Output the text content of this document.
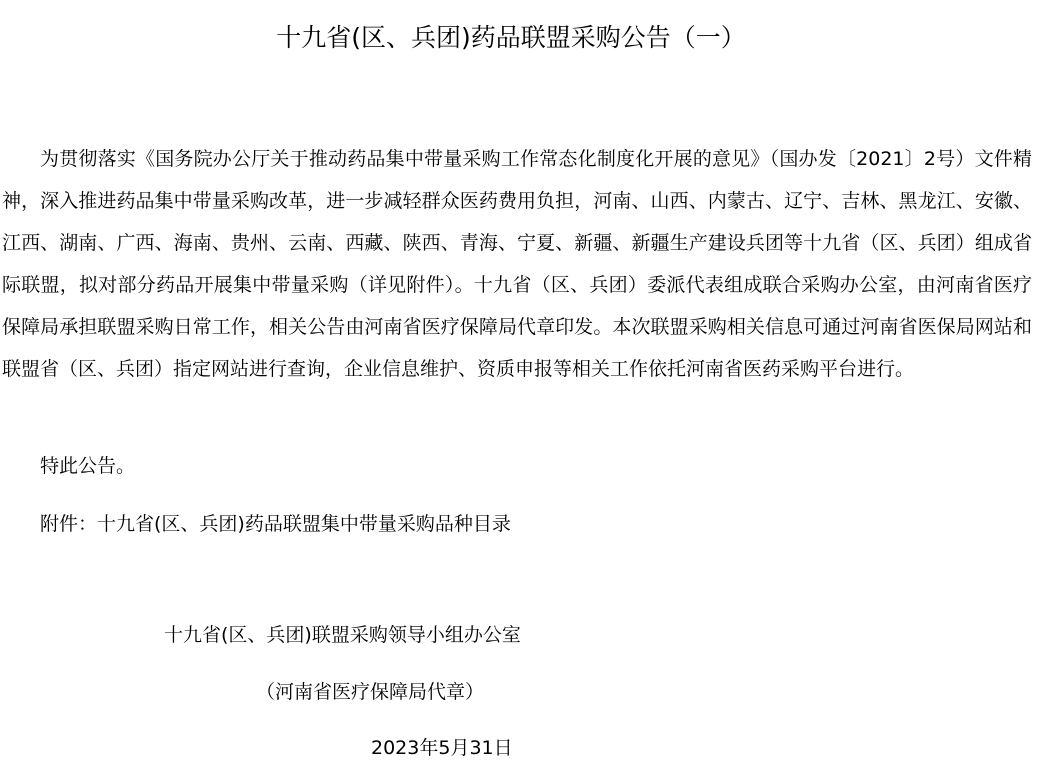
十九省(区、兵团)药品联盟采购公告（一）

为贯彻落实《国务院办公厅关于推动药品集中带量采购工作常态化制度化开展的意见》（国办发〔2021〕2号）文件精神，深入推进药品集中带量采购改革，进一步减轻群众医药费用负担，河南、山西、内蒙古、辽宁、吉林、黑龙江、安徽、江西、湖南、广西、海南、贵州、云南、西藏、陕西、青海、宁夏、新疆、新疆生产建设兵团等十九省（区、兵团）组成省际联盟，拟对部分药品开展集中带量采购（详见附件）。十九省（区、兵团）委派代表组成联合采购办公室，由河南省医疗保障局承担联盟采购日常工作，相关公告由河南省医疗保障局代章印发。本次联盟采购相关信息可通过河南省医保局网站和联盟省（区、兵团）指定网站进行查询，企业信息维护、资质申报等相关工作依托河南省医药采购平台进行。

特此公告。

附件：十九省(区、兵团)药品联盟集中带量采购品种目录

十九省(区、兵团)联盟采购领导小组办公室

（河南省医疗保障局代章）

2023年5月31日
